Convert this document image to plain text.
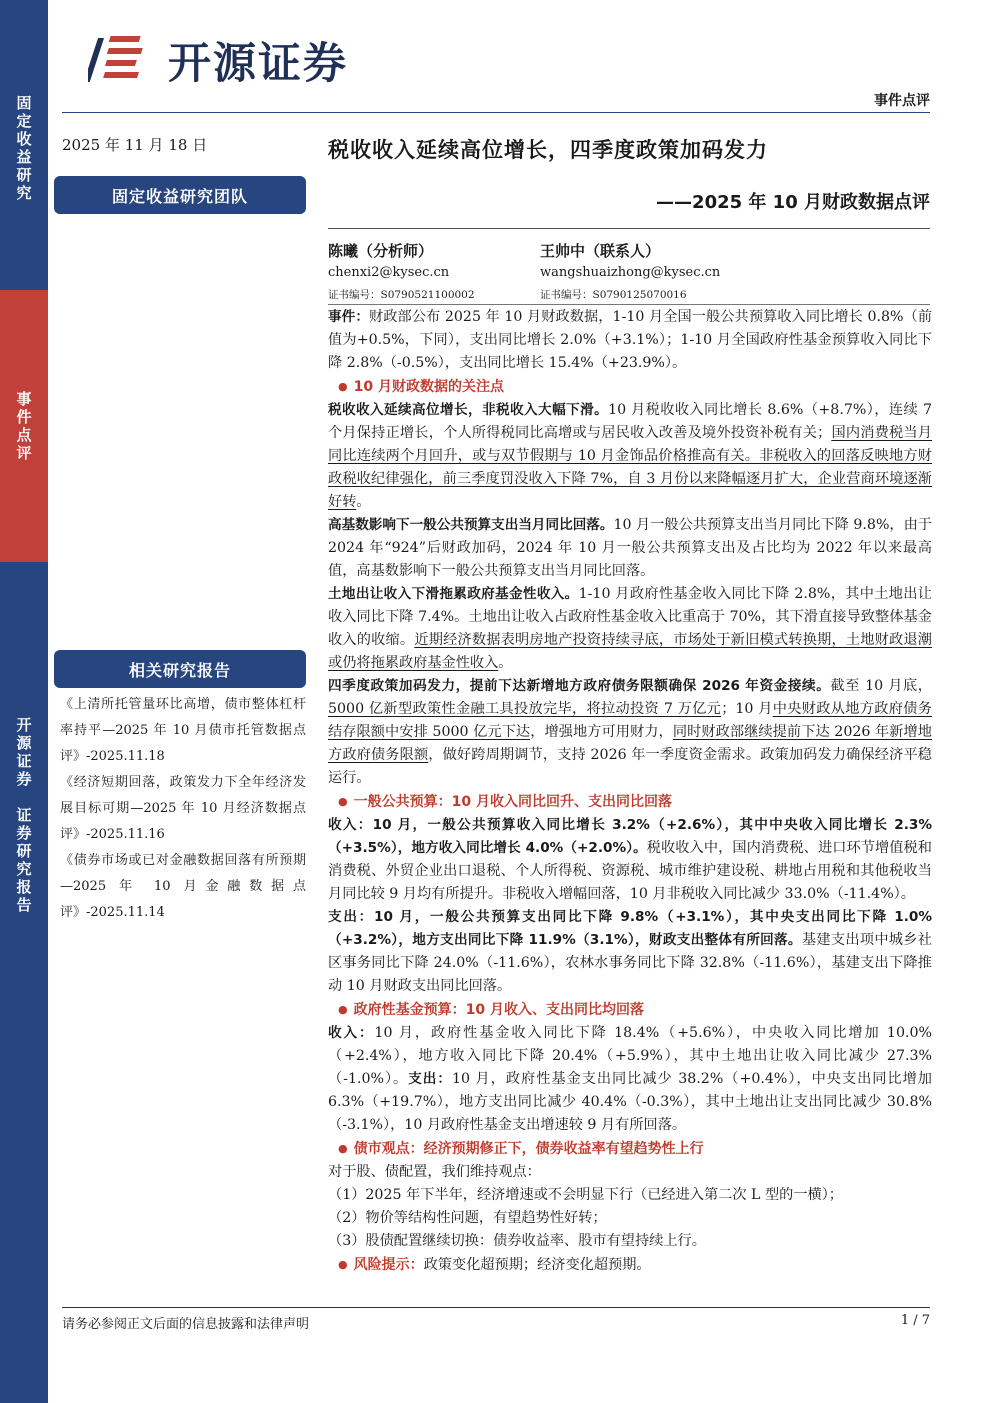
固
定
收
益
研
究
事
件
点
评
开
源
证
券

证
券
研
究
报
告
开源证券
事件点评
2025 年 11 月 18 日
固定收益研究团队
相关研究报告

《上清所托管量环比高增，债市整体杠杆率持平—2025 年 10 月债市托管数据点评》-2025.11.18

《经济短期回落，政策发力下全年经济发展目标可期—2025 年 10 月经济数据点评》-2025.11.16

《债券市场或已对金融数据回落有所预期—2025 年 10 月金融数据点评》-2025.11.14

税收收入延续高位增长，四季度政策加码发力
——2025 年 10 月财政数据点评
陈曦（分析师）
chenxi2@kysec.cn
证书编号：S0790521100002
王帅中（联系人）
wangshuaizhong@kysec.cn
证书编号：S0790125070016

事件：财政部公布 2025 年 10 月财政数据，1-10 月全国一般公共预算收入同比增长 0.8%（前值为+0.5%，下同），支出同比增长 2.0%（+3.1%）；1-10 月全国政府性基金预算收入同比下降 2.8%（-0.5%），支出同比增长 15.4%（+23.9%）。

● 10 月财政数据的关注点

税收收入延续高位增长，非税收入大幅下滑。10 月税收收入同比增长 8.6%（+8.7%），连续 7 个月保持正增长，个人所得税同比高增或与居民收入改善及境外投资补税有关；国内消费税当月同比连续两个月回升，或与双节假期与 10 月金饰品价格推高有关。非税收入的回落反映地方财政税收纪律强化，前三季度罚没收入下降 7%，自 3 月份以来降幅逐月扩大，企业营商环境逐渐好转。

高基数影响下一般公共预算支出当月同比回落。10 月一般公共预算支出当月同比下降 9.8%，由于 2024 年“924”后财政加码，2024 年 10 月一般公共预算支出及占比均为 2022 年以来最高值，高基数影响下一般公共预算支出当月同比回落。

土地出让收入下滑拖累政府基金性收入。1-10 月政府性基金收入同比下降 2.8%，其中土地出让收入同比下降 7.4%。土地出让收入占政府性基金收入比重高于 70%，其下滑直接导致整体基金收入的收缩。近期经济数据表明房地产投资持续寻底，市场处于新旧模式转换期，土地财政退潮或仍将拖累政府基金性收入。

四季度政策加码发力，提前下达新增地方政府债务限额确保 2026 年资金接续。截至 10 月底，5000 亿新型政策性金融工具投放完毕，将拉动投资 7 万亿元；10 月中央财政从地方政府债务结存限额中安排 5000 亿元下达，增强地方可用财力，同时财政部继续提前下达 2026 年新增地方政府债务限额，做好跨周期调节，支持 2026 年一季度资金需求。政策加码发力确保经济平稳运行。

● 一般公共预算：10 月收入同比回升、支出同比回落

收入：10 月，一般公共预算收入同比增长 3.2%（+2.6%），其中中央收入同比增长 2.3%（+3.5%），地方收入同比增长 4.0%（+2.0%）。税收收入中，国内消费税、进口环节增值税和消费税、外贸企业出口退税、个人所得税、资源税、城市维护建设税、耕地占用税和其他税收当月同比较 9 月均有所提升。非税收入增幅回落，10 月非税收入同比减少 33.0%（-11.4%）。

支出：10 月，一般公共预算支出同比下降 9.8%（+3.1%），其中央支出同比下降 1.0%（+3.2%），地方支出同比下降 11.9%（3.1%），财政支出整体有所回落。基建支出项中城乡社区事务同比下降 24.0%（-11.6%），农林水事务同比下降 32.8%（-11.6%），基建支出下降推动 10 月财政支出同比回落。

● 政府性基金预算：10 月收入、支出同比均回落

收入：10 月，政府性基金收入同比下降 18.4%（+5.6%），中央收入同比增加 10.0%（+2.4%），地方收入同比下降 20.4%（+5.9%），其中土地出让收入同比减少 27.3%（-1.0%）。支出：10 月，政府性基金支出同比减少 38.2%（+0.4%），中央支出同比增加 6.3%（+19.7%），地方支出同比减少 40.4%（-0.3%），其中土地出让支出同比减少 30.8%（-3.1%），10 月政府性基金支出增速较 9 月有所回落。

● 债市观点：经济预期修正下，债券收益率有望趋势性上行

对于股、债配置，我们维持观点：

（1）2025 年下半年，经济增速或不会明显下行（已经进入第二次 L 型的一横）；

（2）物价等结构性问题，有望趋势性好转；

（3）股债配置继续切换：债券收益率、股市有望持续上行。

● 风险提示：政策变化超预期；经济变化超预期。
请务必参阅正文后面的信息披露和法律声明	1 / 7
